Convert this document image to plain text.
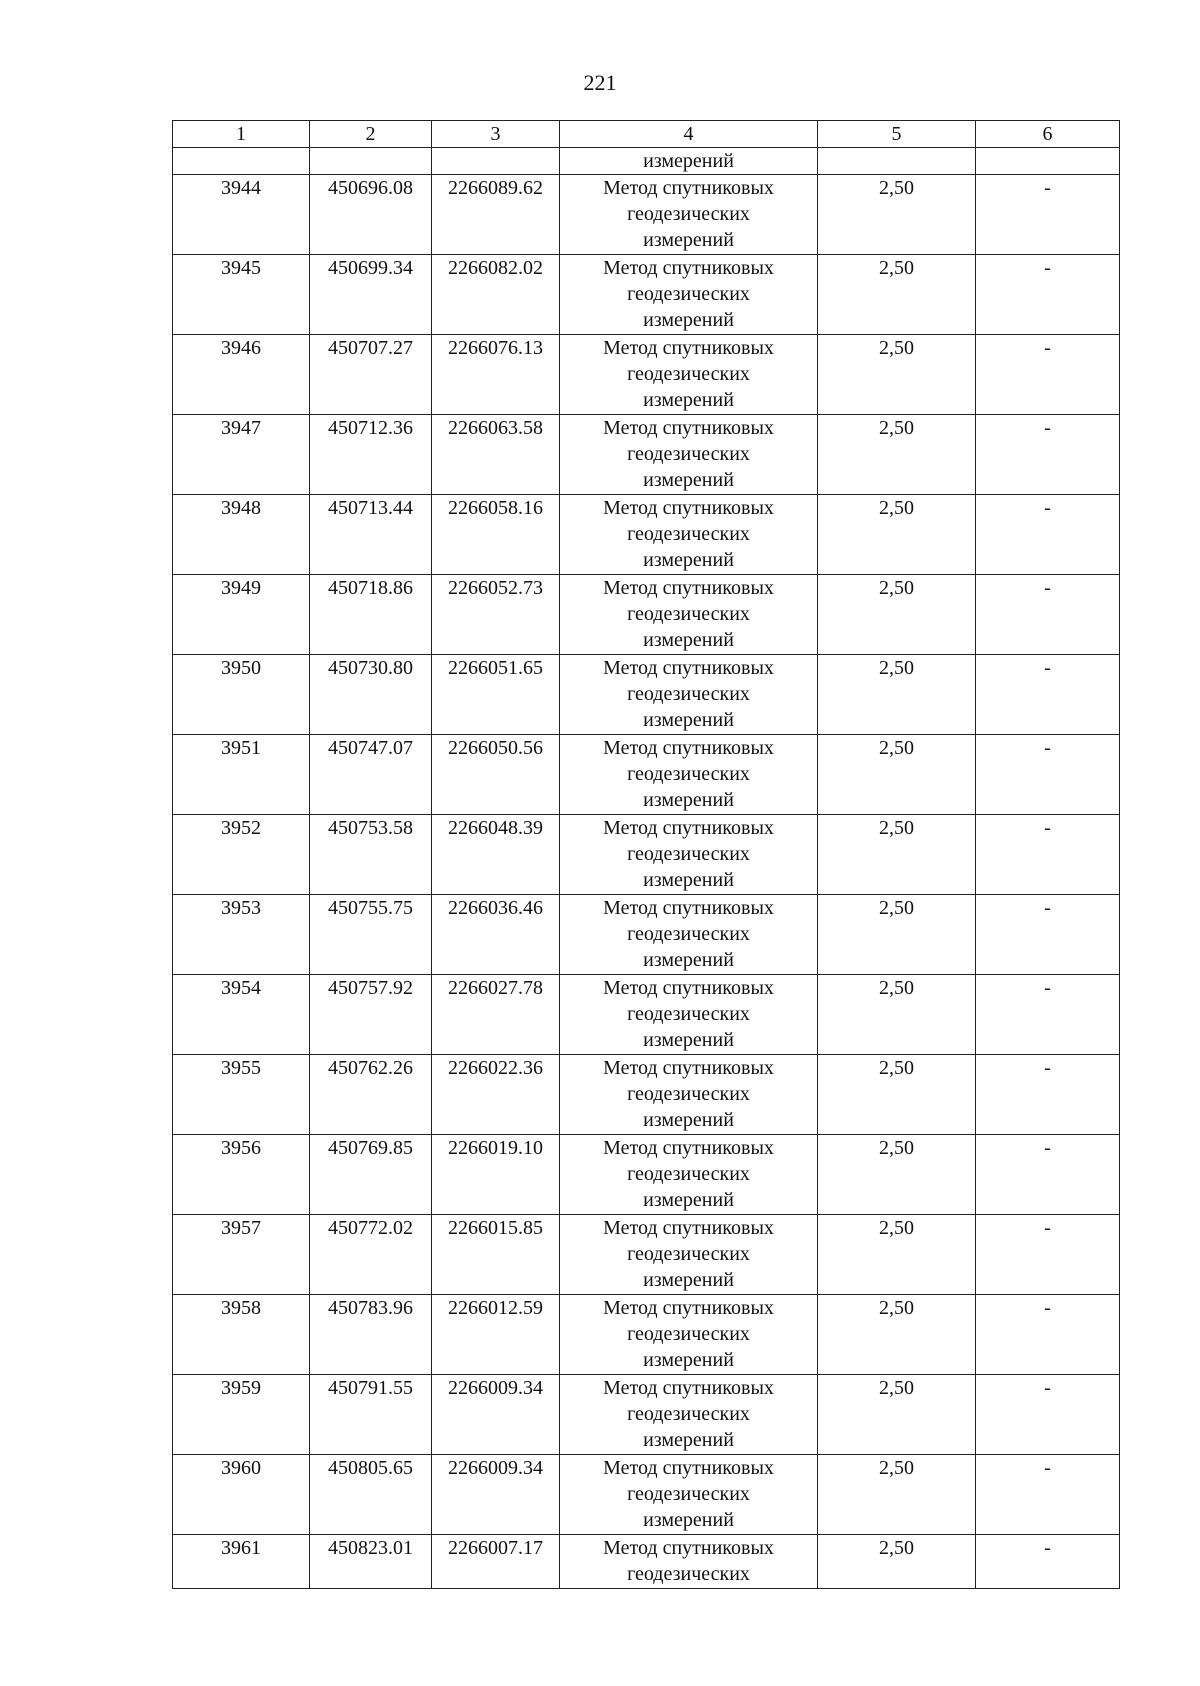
221
1	2	3	4	5	6
			измерений		
3944	450696.08	2266089.62	Метод спутниковых
геодезических
измерений	2,50	-
3945	450699.34	2266082.02	Метод спутниковых
геодезических
измерений	2,50	-
3946	450707.27	2266076.13	Метод спутниковых
геодезических
измерений	2,50	-
3947	450712.36	2266063.58	Метод спутниковых
геодезических
измерений	2,50	-
3948	450713.44	2266058.16	Метод спутниковых
геодезических
измерений	2,50	-
3949	450718.86	2266052.73	Метод спутниковых
геодезических
измерений	2,50	-
3950	450730.80	2266051.65	Метод спутниковых
геодезических
измерений	2,50	-
3951	450747.07	2266050.56	Метод спутниковых
геодезических
измерений	2,50	-
3952	450753.58	2266048.39	Метод спутниковых
геодезических
измерений	2,50	-
3953	450755.75	2266036.46	Метод спутниковых
геодезических
измерений	2,50	-
3954	450757.92	2266027.78	Метод спутниковых
геодезических
измерений	2,50	-
3955	450762.26	2266022.36	Метод спутниковых
геодезических
измерений	2,50	-
3956	450769.85	2266019.10	Метод спутниковых
геодезических
измерений	2,50	-
3957	450772.02	2266015.85	Метод спутниковых
геодезических
измерений	2,50	-
3958	450783.96	2266012.59	Метод спутниковых
геодезических
измерений	2,50	-
3959	450791.55	2266009.34	Метод спутниковых
геодезических
измерений	2,50	-
3960	450805.65	2266009.34	Метод спутниковых
геодезических
измерений	2,50	-
3961	450823.01	2266007.17	Метод спутниковых
геодезических	2,50	-
